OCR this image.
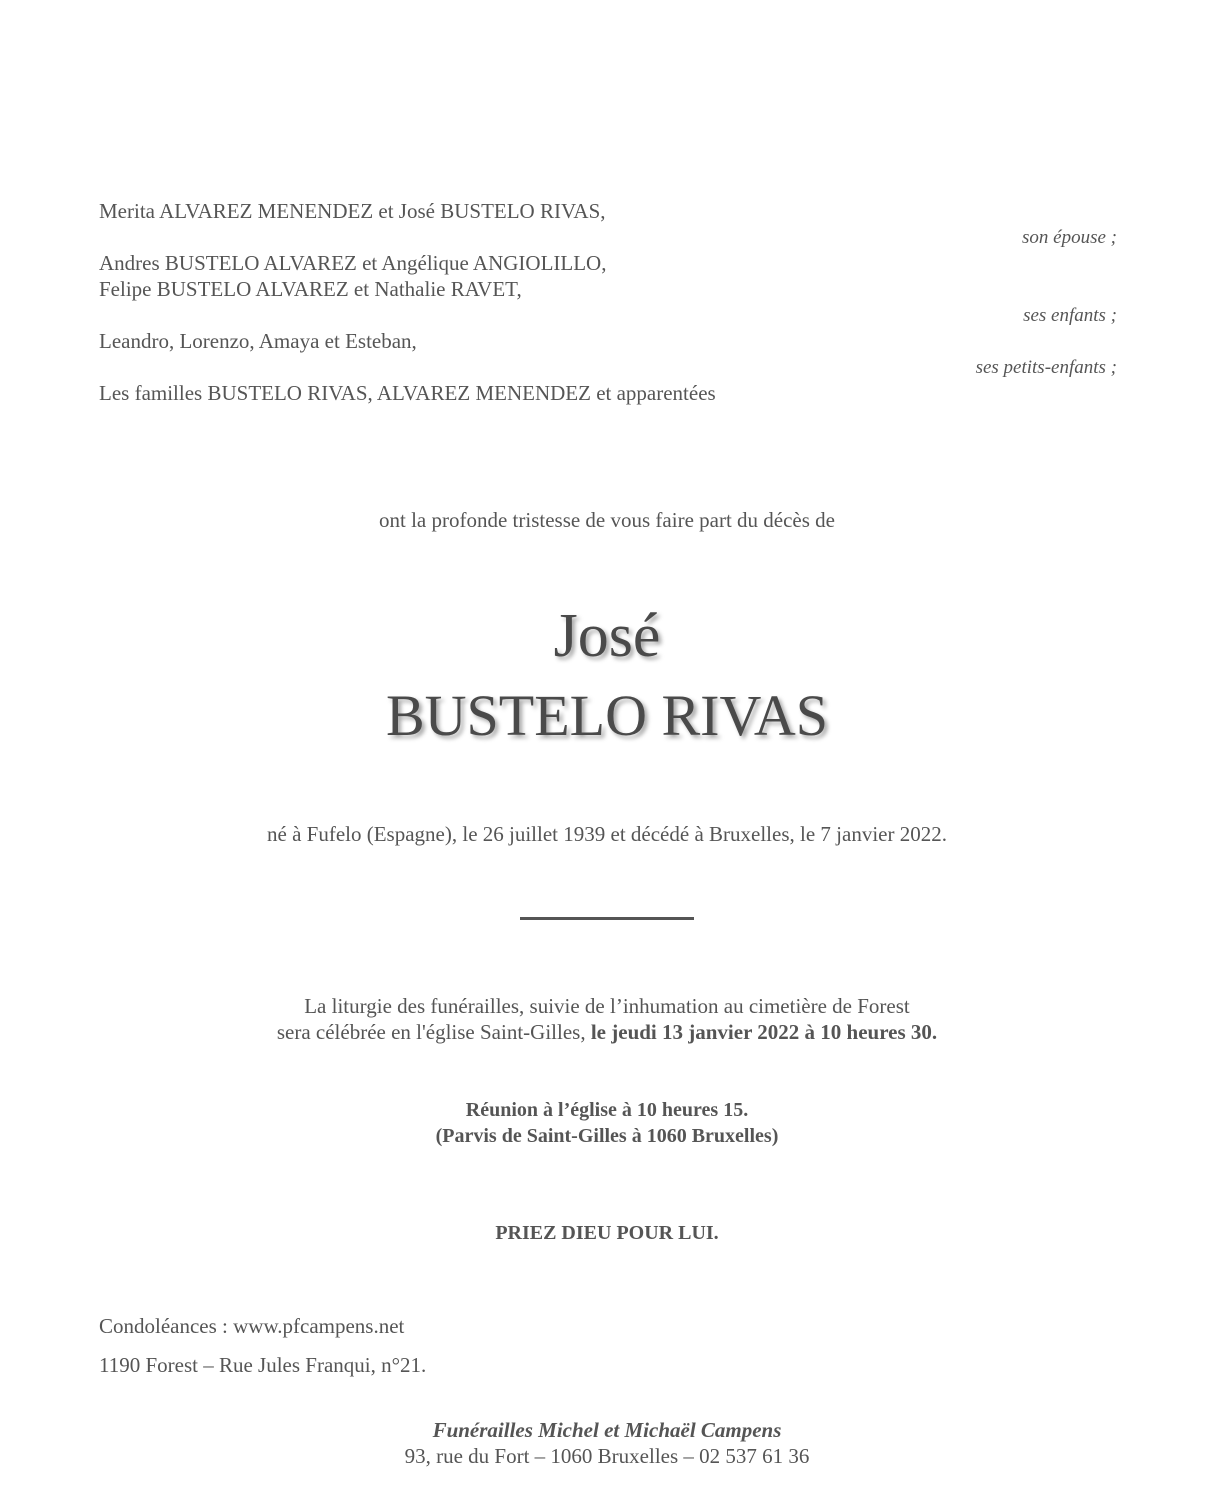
Merita ALVAREZ MENENDEZ et José BUSTELO RIVAS,
son épouse ;
Andres BUSTELO ALVAREZ et Angélique ANGIOLILLO,
Felipe BUSTELO ALVAREZ et Nathalie RAVET,
ses enfants ;
Leandro, Lorenzo, Amaya et Esteban,
ses petits-enfants ;
Les familles BUSTELO RIVAS, ALVAREZ MENENDEZ et apparentées
ont la profonde tristesse de vous faire part du décès de
José
BUSTELO RIVAS
né à Fufelo (Espagne), le 26 juillet 1939 et décédé à Bruxelles, le 7 janvier 2022.
La liturgie des funérailles, suivie de l’inhumation au cimetière de Forest
sera célébrée en l'église Saint-Gilles, le jeudi 13 janvier 2022 à 10 heures 30.
Réunion à l’église à 10 heures 15.
(Parvis de Saint-Gilles à 1060 Bruxelles)
PRIEZ DIEU POUR LUI.
Condoléances : www.pfcampens.net
1190 Forest – Rue Jules Franqui, n°21.
Funérailles Michel et Michaël Campens
93, rue du Fort – 1060 Bruxelles – 02 537 61 36
